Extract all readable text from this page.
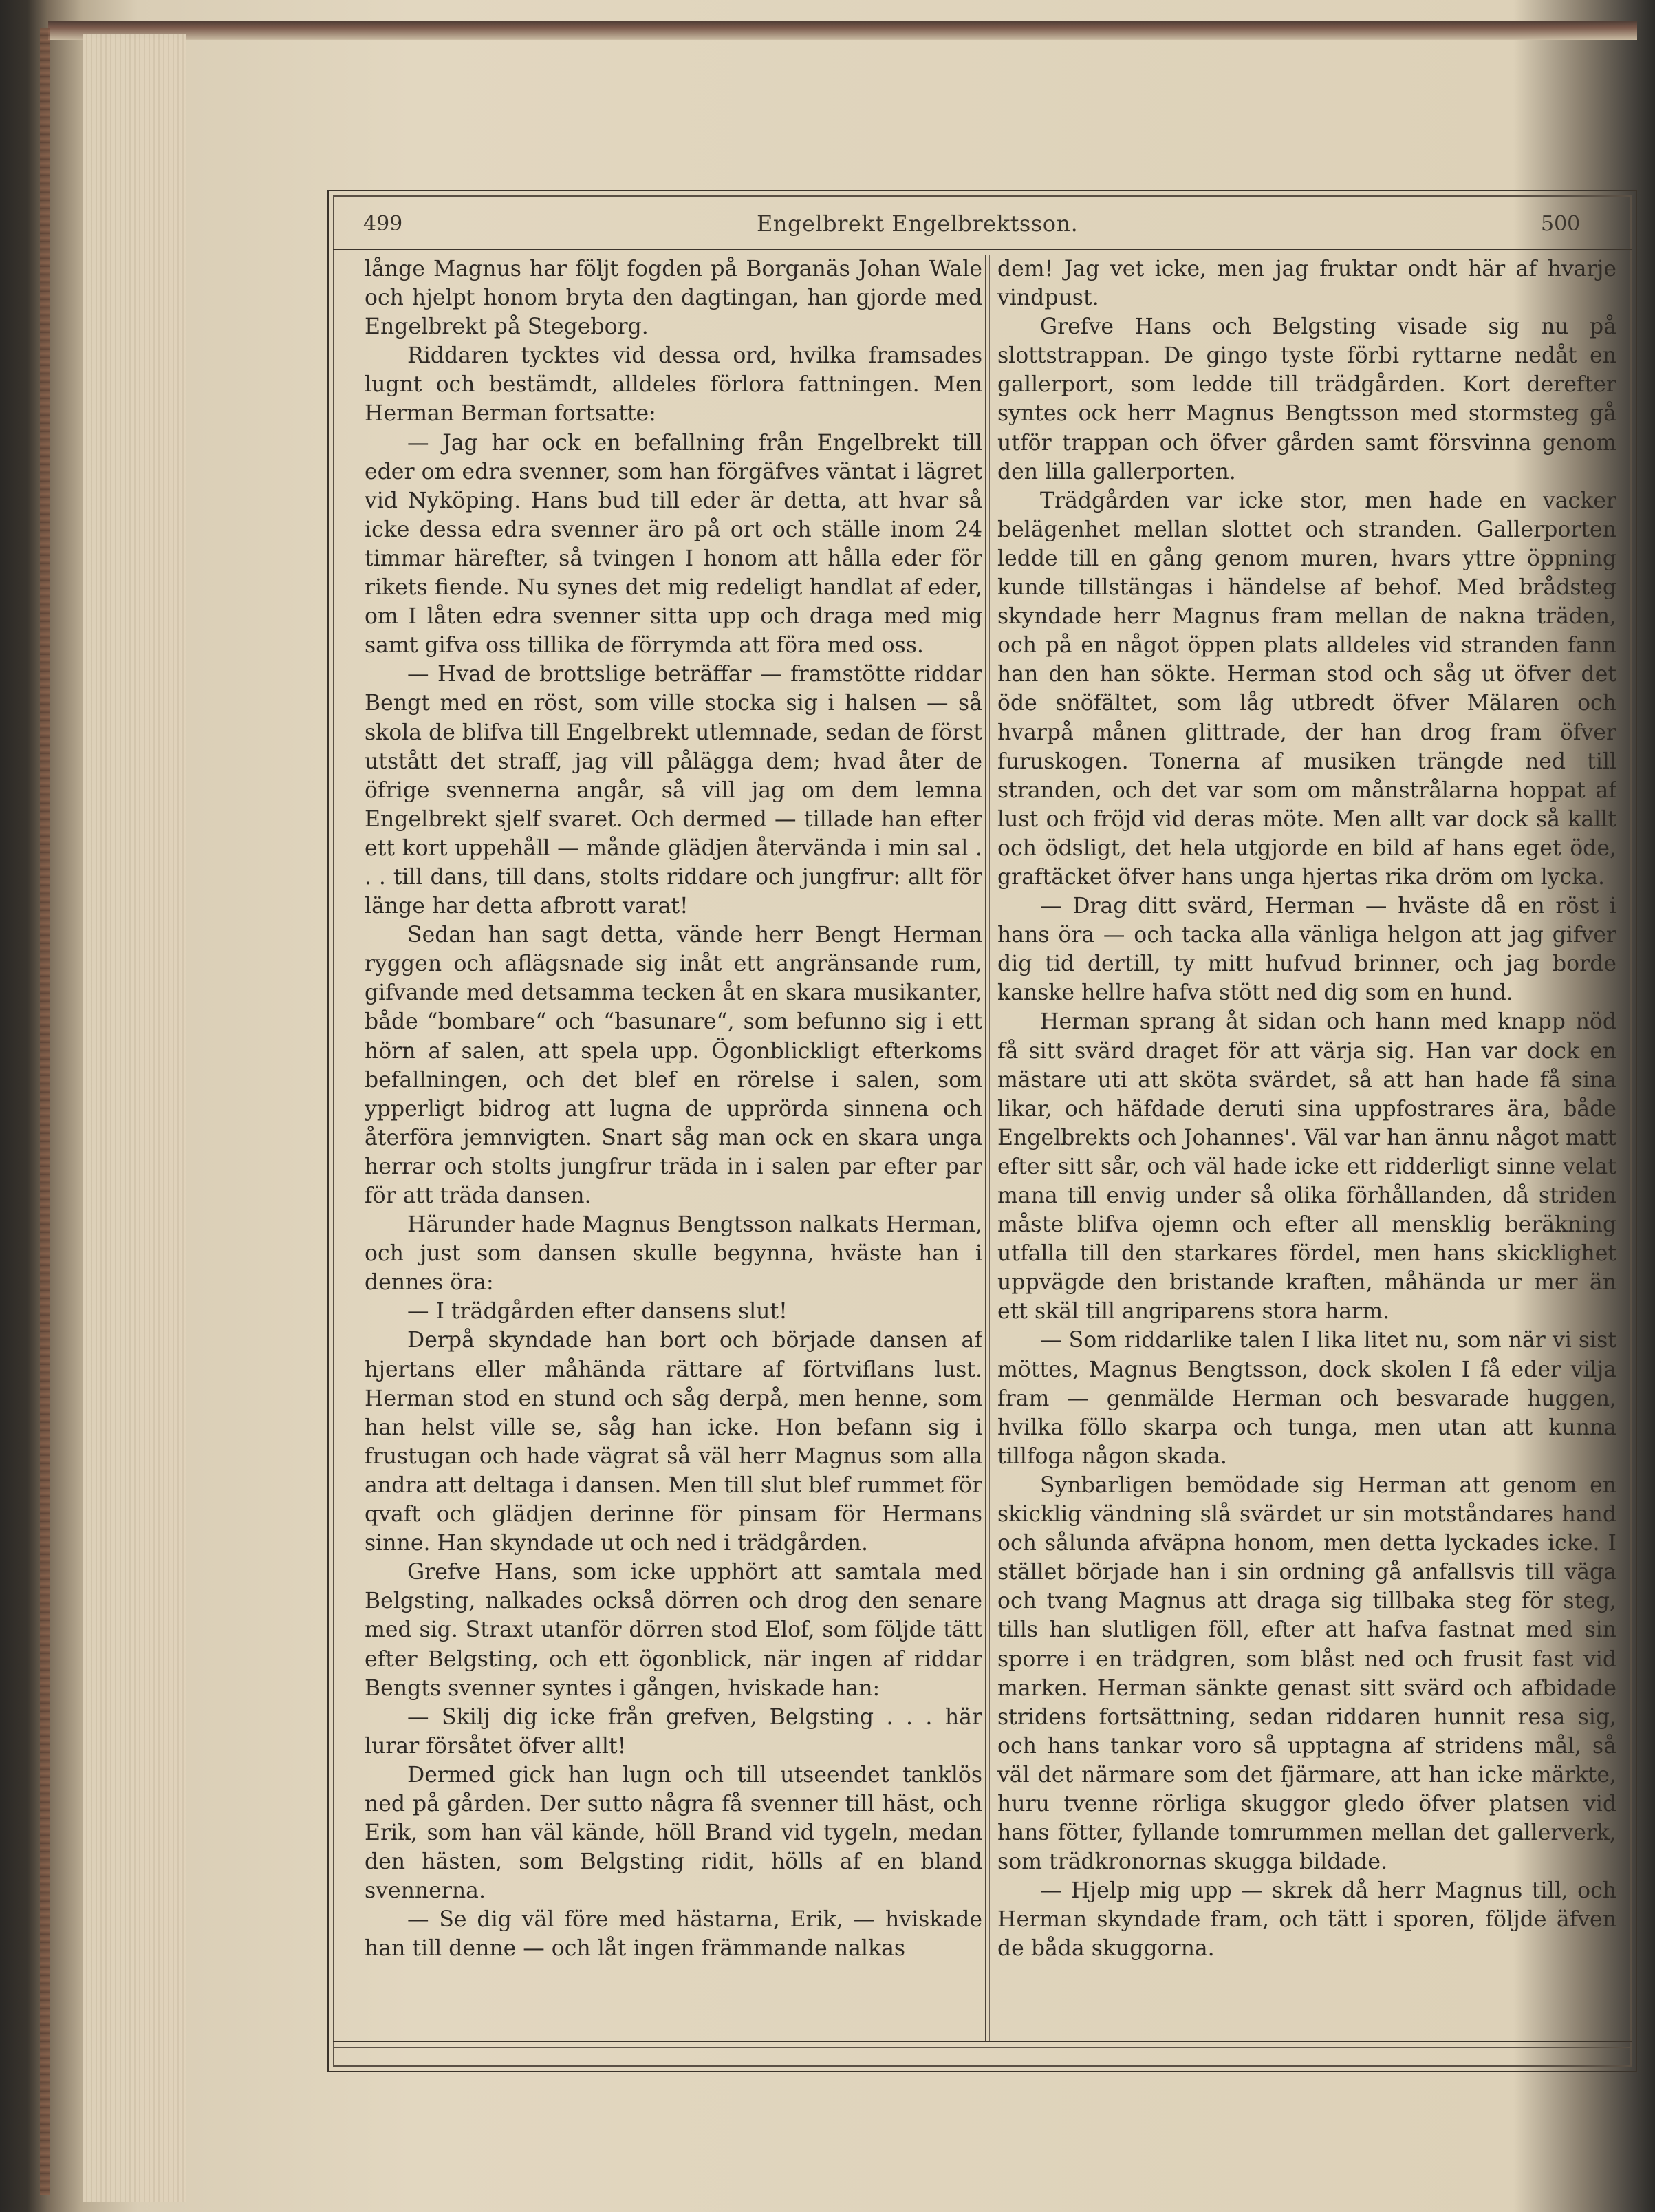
499	Engelbrekt Engelbrektsson.	500

långe Magnus har följt fogden på Borganäs Johan Wale och hjelpt honom bryta den dagtingan, han gjorde med Engelbrekt på Stegeborg.

Riddaren tycktes vid dessa ord, hvilka framsades lugnt och bestämdt, alldeles förlora fattningen. Men Herman Berman fortsatte:

— Jag har ock en befallning från Engelbrekt till eder om edra svenner, som han förgäfves väntat i lägret vid Nyköping. Hans bud till eder är detta, att hvar så icke dessa edra svenner äro på ort och ställe inom 24 timmar härefter, så tvingen I honom att hålla eder för rikets fiende. Nu synes det mig redeligt handlat af eder, om I låten edra svenner sitta upp och draga med mig samt gifva oss tillika de förrymda att föra med oss.

— Hvad de brottslige beträffar — framstötte riddar Bengt med en röst, som ville stocka sig i halsen — så skola de blifva till Engelbrekt utlemnade, sedan de först utstått det straff, jag vill pålägga dem; hvad åter de öfrige svennerna angår, så vill jag om dem lemna Engelbrekt sjelf svaret. Och dermed — tillade han efter ett kort uppehåll — månde glädjen återvända i min sal . . . till dans, till dans, stolts riddare och jungfrur: allt för länge har detta afbrott varat!

Sedan han sagt detta, vände herr Bengt Herman ryggen och aflägsnade sig inåt ett angränsande rum, gifvande med detsamma tecken åt en skara musikanter, både “bombare“ och “basunare“, som befunno sig i ett hörn af salen, att spela upp. Ögonblickligt efterkoms befallningen, och det blef en rörelse i salen, som ypperligt bidrog att lugna de upprörda sinnena och återföra jemnvigten. Snart såg man ock en skara unga herrar och stolts jungfrur träda in i salen par efter par för att träda dansen.

Härunder hade Magnus Bengtsson nalkats Herman, och just som dansen skulle begynna, hväste han i dennes öra:

— I trädgården efter dansens slut!

Derpå skyndade han bort och började dansen af hjertans eller måhända rättare af förtviflans lust. Herman stod en stund och såg derpå, men henne, som han helst ville se, såg han icke. Hon befann sig i frustugan och hade vägrat så väl herr Magnus som alla andra att deltaga i dansen. Men till slut blef rummet för qvaft och glädjen derinne för pinsam för Hermans sinne. Han skyndade ut och ned i trädgården.

Grefve Hans, som icke upphört att samtala med Belgsting, nalkades också dörren och drog den senare med sig. Straxt utanför dörren stod Elof, som följde tätt efter Belgsting, och ett ögonblick, när ingen af riddar Bengts svenner syntes i gången, hviskade han:

— Skilj dig icke från grefven, Belgsting . . . här lurar försåtet öfver allt!

Dermed gick han lugn och till utseendet tanklös ned på gården. Der sutto några få svenner till häst, och Erik, som han väl kände, höll Brand vid tygeln, medan den hästen, som Belgsting ridit, hölls af en bland svennerna.

— Se dig väl före med hästarna, Erik, — hviskade han till denne — och låt ingen främmande nalkas

dem! Jag vet icke, men jag fruktar ondt här af hvarje vindpust.

Grefve Hans och Belgsting visade sig nu på slottstrappan. De gingo tyste förbi ryttarne nedåt en gallerport, som ledde till trädgården. Kort derefter syntes ock herr Magnus Bengtsson med stormsteg gå utför trappan och öfver gården samt försvinna genom den lilla gallerporten.

Trädgården var icke stor, men hade en vacker belägenhet mellan slottet och stranden. Gallerporten ledde till en gång genom muren, hvars yttre öppning kunde tillstängas i händelse af behof. Med brådsteg skyndade herr Magnus fram mellan de nakna träden, och på en något öppen plats alldeles vid stranden fann han den han sökte. Herman stod och såg ut öfver det öde snöfältet, som låg utbredt öfver Mälaren och hvarpå månen glittrade, der han drog fram öfver furuskogen. Tonerna af musiken trängde ned till stranden, och det var som om månstrålarna hoppat af lust och fröjd vid deras möte. Men allt var dock så kallt och ödsligt, det hela utgjorde en bild af hans eget öde, graftäcket öfver hans unga hjertas rika dröm om lycka.

— Drag ditt svärd, Herman — hväste då en röst i hans öra — och tacka alla vänliga helgon att jag gifver dig tid dertill, ty mitt hufvud brinner, och jag borde kanske hellre hafva stött ned dig som en hund.

Herman sprang åt sidan och hann med knapp nöd få sitt svärd draget för att värja sig. Han var dock en mästare uti att sköta svärdet, så att han hade få sina likar, och häfdade deruti sina uppfostrares ära, både Engelbrekts och Johannes'. Väl var han ännu något matt efter sitt sår, och väl hade icke ett ridderligt sinne velat mana till envig under så olika förhållanden, då striden måste blifva ojemn och efter all mensklig beräkning utfalla till den starkares fördel, men hans skicklighet uppvägde den bristande kraften, måhända ur mer än ett skäl till angriparens stora harm.

— Som riddarlike talen I lika litet nu, som när vi sist möttes, Magnus Bengtsson, dock skolen I få eder vilja fram — genmälde Herman och besvarade huggen, hvilka föllo skarpa och tunga, men utan att kunna tillfoga någon skada.

Synbarligen bemödade sig Herman att genom en skicklig vändning slå svärdet ur sin motståndares hand och sålunda afväpna honom, men detta lyckades icke. I stället började han i sin ordning gå anfallsvis till väga och tvang Magnus att draga sig tillbaka steg för steg, tills han slutligen föll, efter att hafva fastnat med sin sporre i en trädgren, som blåst ned och frusit fast vid marken. Herman sänkte genast sitt svärd och afbidade stridens fortsättning, sedan riddaren hunnit resa sig, och hans tankar voro så upptagna af stridens mål, så väl det närmare som det fjärmare, att han icke märkte, huru tvenne rörliga skuggor gledo öfver platsen vid hans fötter, fyllande tomrummen mellan det gallerverk, som trädkronornas skugga bildade.

— Hjelp mig upp — skrek då herr Magnus till, och Herman skyndade fram, och tätt i sporen, följde äfven de båda skuggorna.
